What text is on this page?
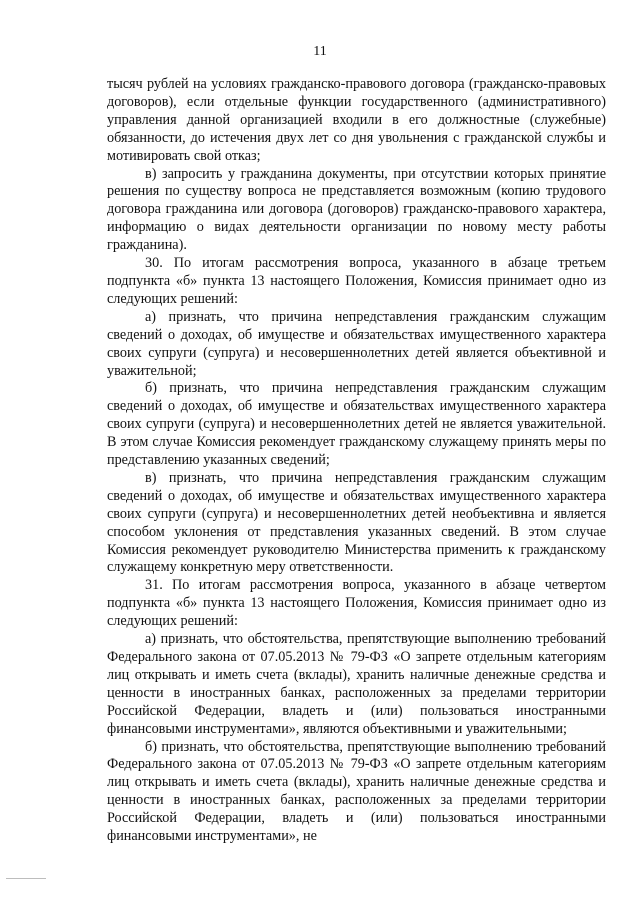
11

тысяч рублей на условиях гражданско-правового договора (гражданско-правовых договоров), если отдельные функции государственного (административного) управления данной организацией входили в его должностные (служебные) обязанности, до истечения двух лет со дня увольнения с гражданской службы и мотивировать свой отказ;

в) запросить у гражданина документы, при отсутствии которых принятие решения по существу вопроса не представляется возможным (копию трудового договора гражданина или договора (договоров) гражданско-правового характера, информацию о видах деятельности организации по новому месту работы гражданина).

30. По итогам рассмотрения вопроса, указанного в абзаце третьем подпункта «б» пункта 13 настоящего Положения, Комиссия принимает одно из следующих решений:

а) признать, что причина непредставления гражданским служащим сведений о доходах, об имуществе и обязательствах имущественного характера своих супруги (супруга) и несовершеннолетних детей является объективной и уважительной;

б) признать, что причина непредставления гражданским служащим сведений о доходах, об имуществе и обязательствах имущественного характера своих супруги (супруга) и несовершеннолетних детей не является уважительной. В этом случае Комиссия рекомендует гражданскому служащему принять меры по представлению указанных сведений;

в) признать, что причина непредставления гражданским служащим сведений о доходах, об имуществе и обязательствах имущественного характера своих супруги (супруга) и несовершеннолетних детей необъективна и является способом уклонения от представления указанных сведений. В этом случае Комиссия рекомендует руководителю Министерства применить к гражданскому служащему конкретную меру ответственности.

31. По итогам рассмотрения вопроса, указанного в абзаце четвертом подпункта «б» пункта 13 настоящего Положения, Комиссия принимает одно из следующих решений:

а) признать, что обстоятельства, препятствующие выполнению требований Федерального закона от 07.05.2013 № 79-ФЗ «О запрете отдельным категориям лиц открывать и иметь счета (вклады), хранить наличные денежные средства и ценности в иностранных банках, расположенных за пределами территории Российской Федерации, владеть и (или) пользоваться иностранными финансовыми инструментами», являются объективными и уважительными;

б) признать, что обстоятельства, препятствующие выполнению требований Федерального закона от 07.05.2013 № 79-ФЗ «О запрете отдельным категориям лиц открывать и иметь счета (вклады), хранить наличные денежные средства и ценности в иностранных банках, расположенных за пределами территории Российской Федерации, владеть и (или) пользоваться иностранными финансовыми инструментами», не
